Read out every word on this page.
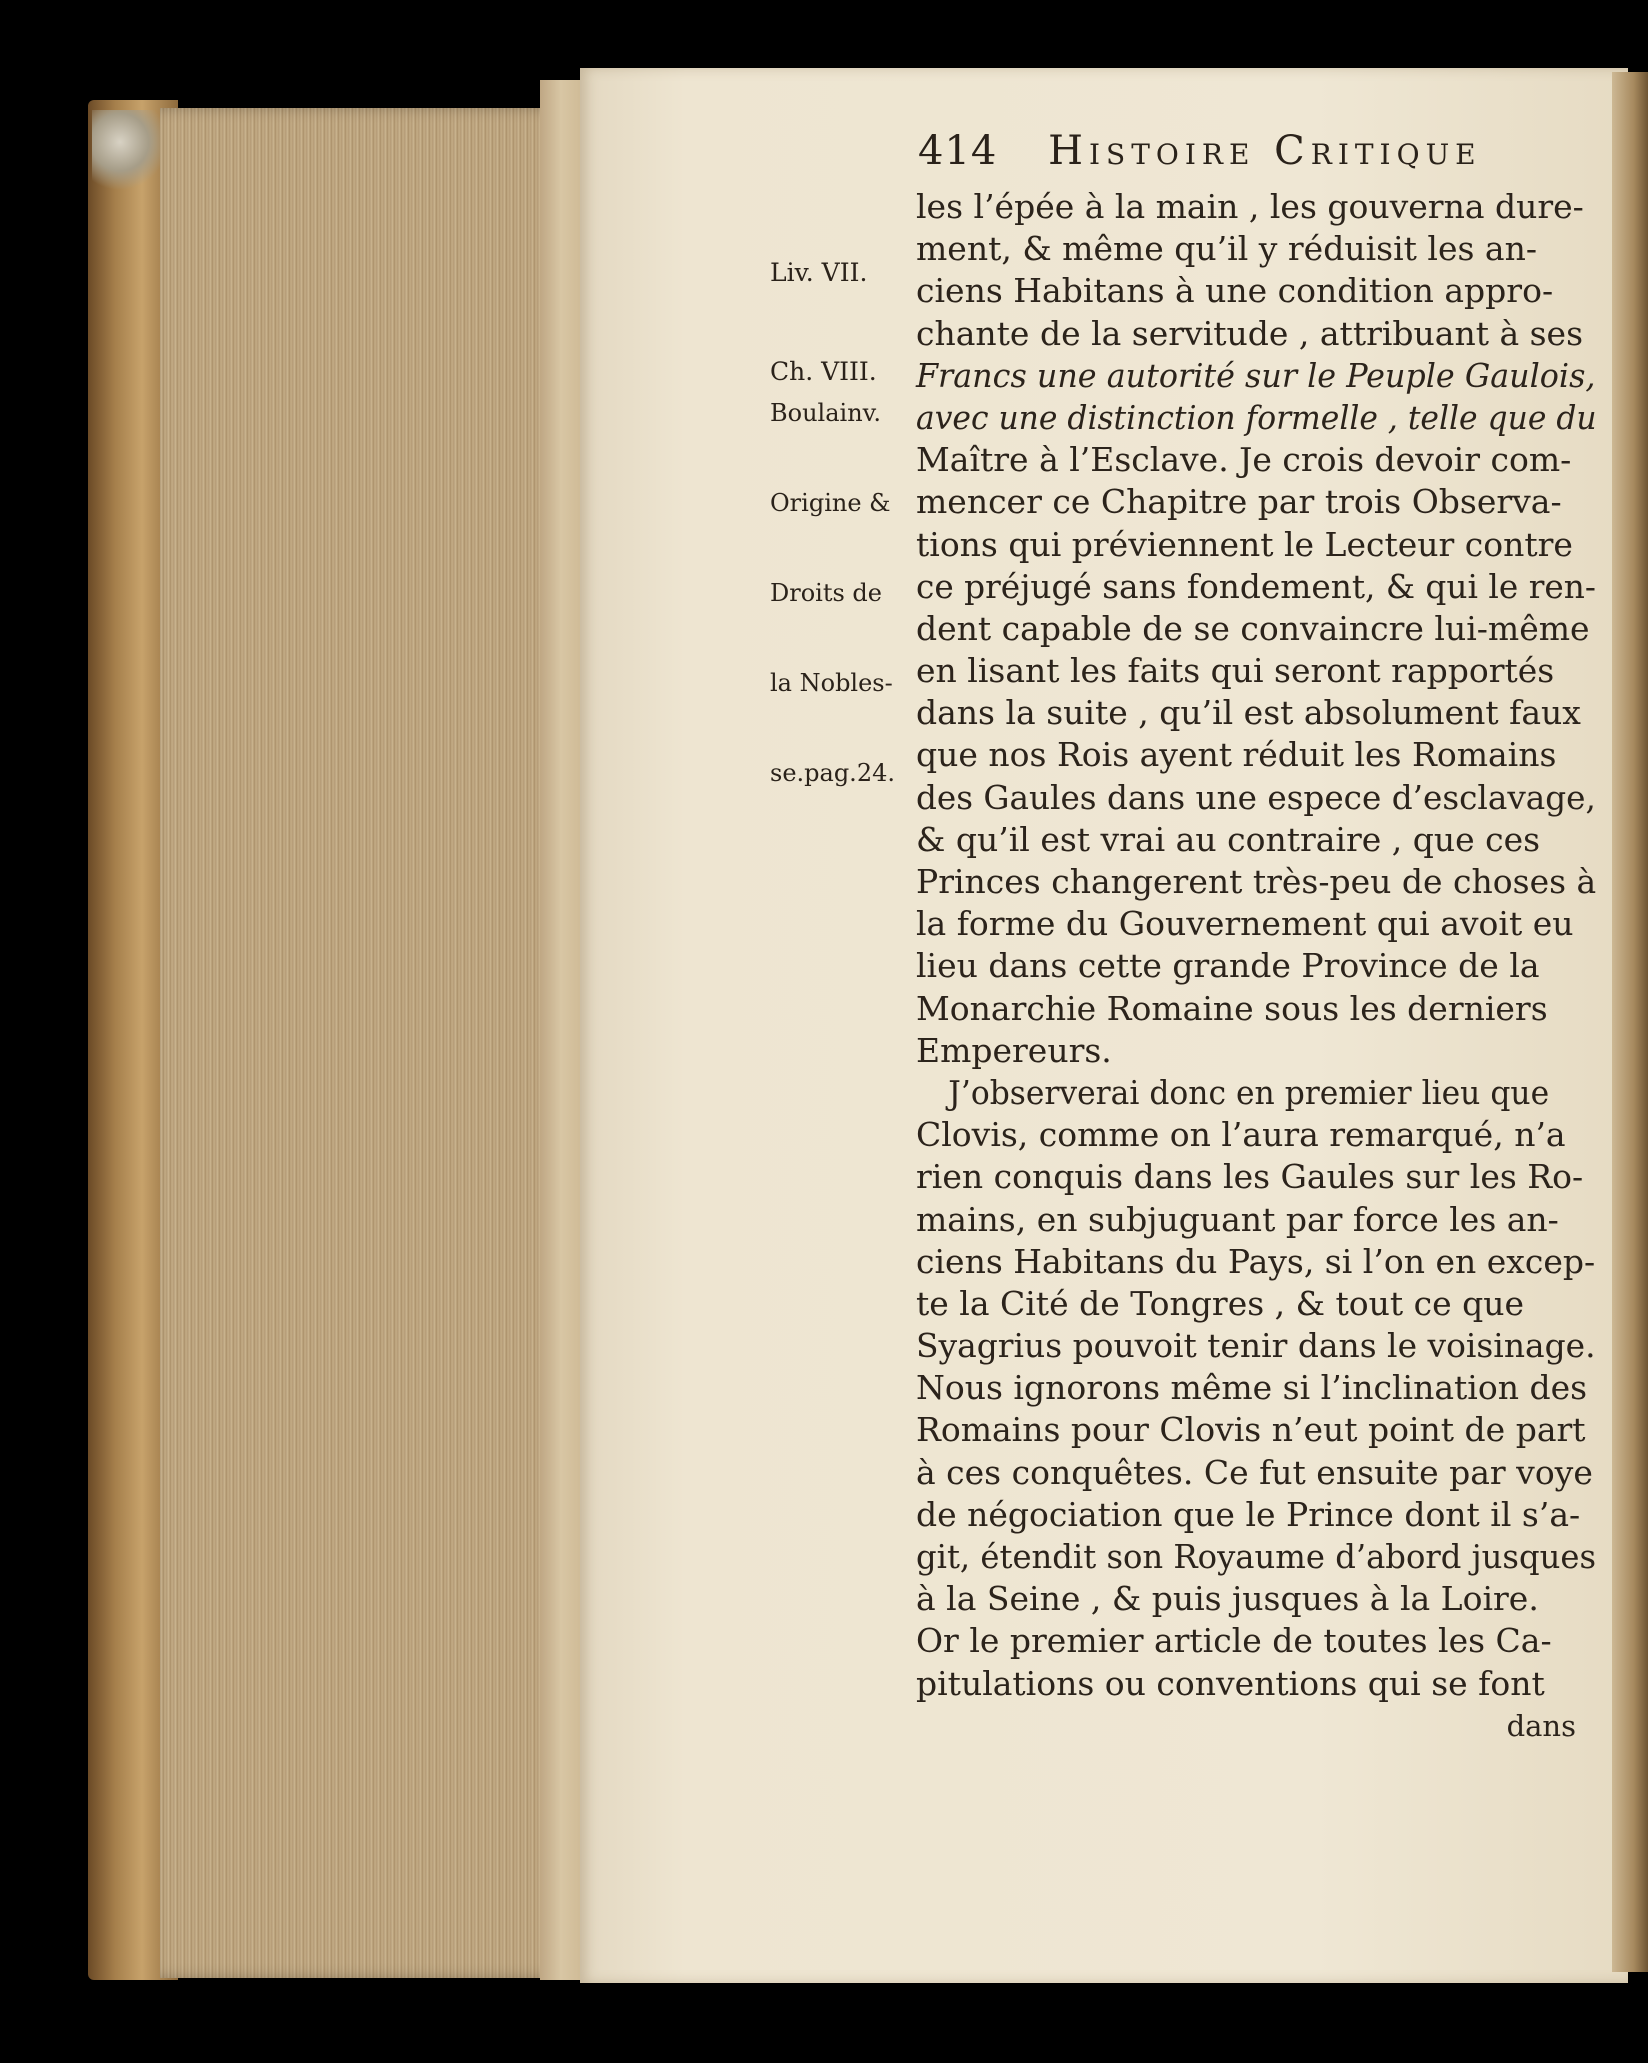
414 Histoire Critique

Liv. VII.

Ch. VIII.

Boulainv.

Origine &

Droits de

la Nobles-

se.pag.24.

les l’épée à la main , les gouverna dure-
ment, & même qu’il y réduisit les an-
ciens Habitans à une condition appro-
chante de la servitude , attribuant à ses
Francs une autorité sur le Peuple Gaulois,
avec une distinction formelle , telle que du
Maître à l’Esclave. Je crois devoir com-
mencer ce Chapitre par trois Observa-
tions qui préviennent le Lecteur contre
ce préjugé sans fondement, & qui le ren-
dent capable de se convaincre lui-même
en lisant les faits qui seront rapportés
dans la suite , qu’il est absolument faux
que nos Rois ayent réduit les Romains
des Gaules dans une espece d’esclavage,
& qu’il est vrai au contraire , que ces
Princes changerent très-peu de choses à
la forme du Gouvernement qui avoit eu
lieu dans cette grande Province de la
Monarchie Romaine sous les derniers
Empereurs.
J’observerai donc en premier lieu que
Clovis, comme on l’aura remarqué, n’a
rien conquis dans les Gaules sur les Ro-
mains, en subjuguant par force les an-
ciens Habitans du Pays, si l’on en excep-
te la Cité de Tongres , & tout ce que
Syagrius pouvoit tenir dans le voisinage.
Nous ignorons même si l’inclination des
Romains pour Clovis n’eut point de part
à ces conquêtes. Ce fut ensuite par voye
de négociation que le Prince dont il s’a-
git, étendit son Royaume d’abord jusques
à la Seine , & puis jusques à la Loire.
Or le premier article de toutes les Ca-
pitulations ou conventions qui se font
dans
